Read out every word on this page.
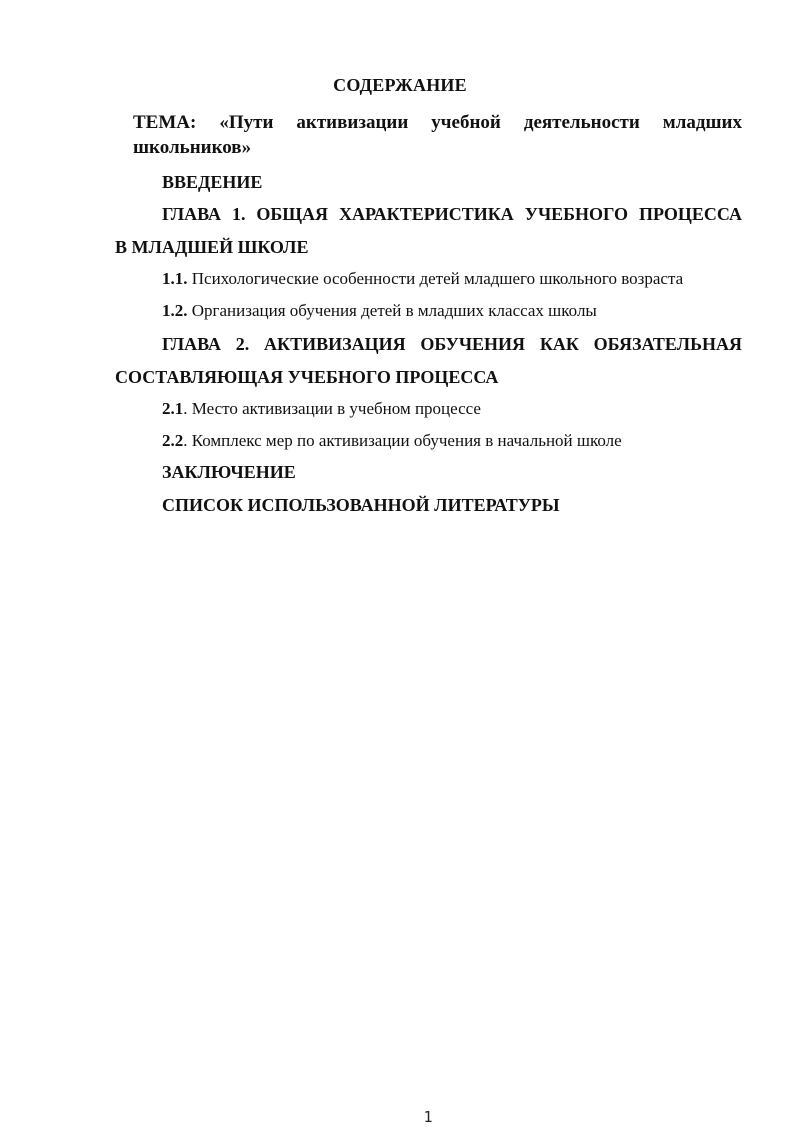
СОДЕРЖАНИЕ
ТЕМА: «Пути активизации учебной деятельности младших
школьников»
ВВЕДЕНИЕ
ГЛАВА 1. ОБЩАЯ ХАРАКТЕРИСТИКА УЧЕБНОГО ПРОЦЕССА
В МЛАДШЕЙ ШКОЛЕ
1.1. Психологические особенности детей младшего школьного возраста
1.2. Организация обучения детей в младших классах школы
ГЛАВА 2. АКТИВИЗАЦИЯ ОБУЧЕНИЯ КАК ОБЯЗАТЕЛЬНАЯ
СОСТАВЛЯЮЩАЯ УЧЕБНОГО ПРОЦЕССА
2.1. Место активизации в учебном процессе
2.2. Комплекс мер по активизации обучения в начальной школе
ЗАКЛЮЧЕНИЕ
СПИСОК ИСПОЛЬЗОВАННОЙ ЛИТЕРАТУРЫ
1
